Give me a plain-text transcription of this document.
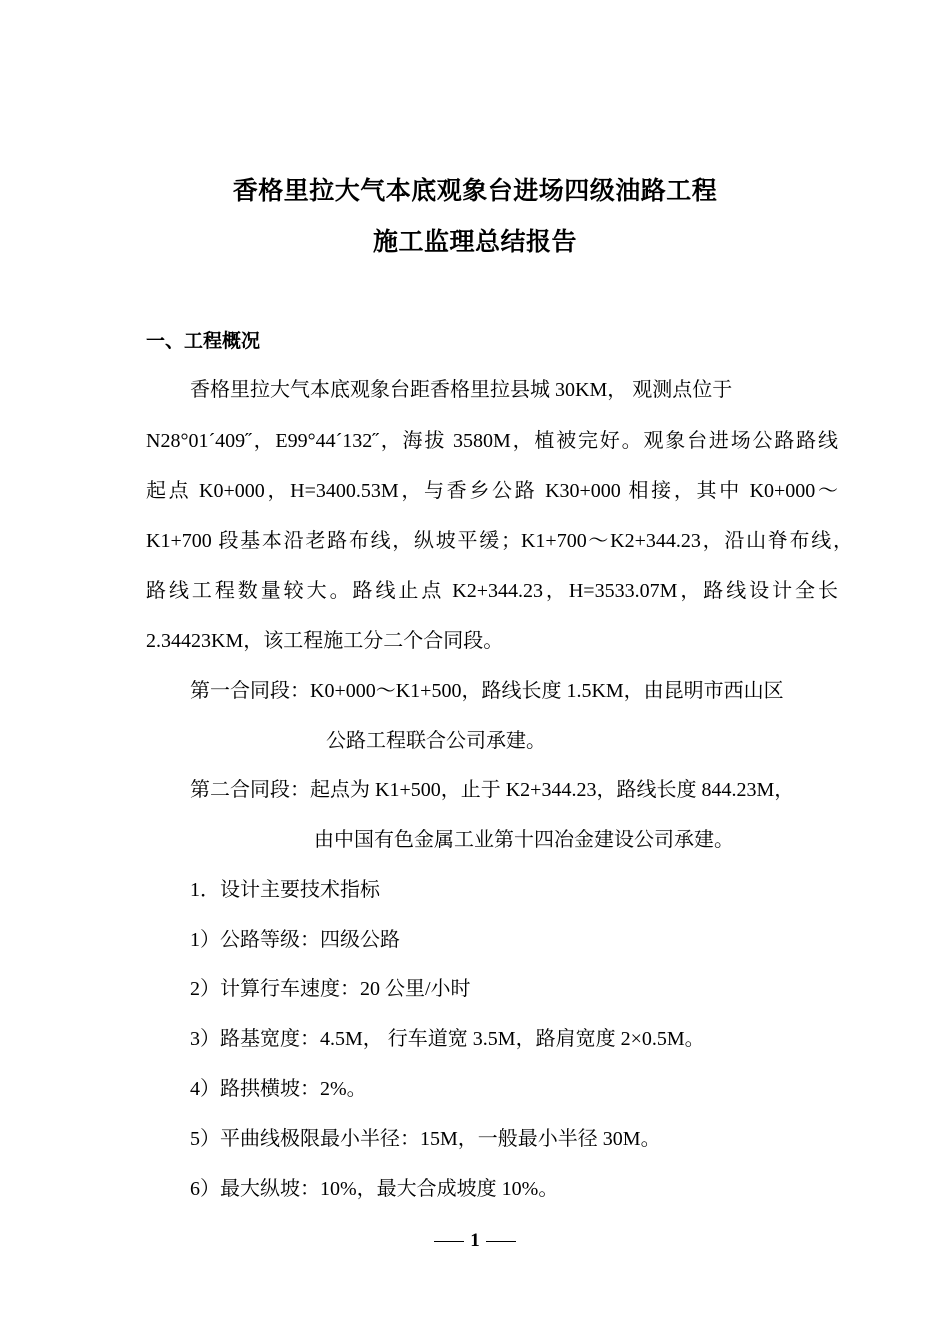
香格里拉大气本底观象台进场四级油路工程
施工监理总结报告
一、工程概况
香格里拉大气本底观象台距香格里拉县城 30KM， 观测点位于
N28°01´409˝，E99°44´132˝，海拔 3580M，植被完好。观象台进场公路路线
起点 K0+000，H=3400.53M，与香乡公路 K30+000 相接，其中 K0+000～
K1+700 段基本沿老路布线，纵坡平缓；K1+700～K2+344.23，沿山脊布线，
路线工程数量较大。路线止点 K2+344.23，H=3533.07M，路线设计全长
2.34423KM，该工程施工分二个合同段。
第一合同段：K0+000～K1+500，路线长度 1.5KM，由昆明市西山区
公路工程联合公司承建。
第二合同段：起点为 K1+500，止于 K2+344.23，路线长度 844.23M，
由中国有色金属工业第十四冶金建设公司承建。
1．设计主要技术指标
1）公路等级：四级公路
2）计算行车速度：20 公里/小时
3）路基宽度：4.5M， 行车道宽 3.5M，路肩宽度 2×0.5M。
4）路拱横坡：2%。
5）平曲线极限最小半径：15M，一般最小半径 30M。
6）最大纵坡：10%，最大合成坡度 10%。
1
